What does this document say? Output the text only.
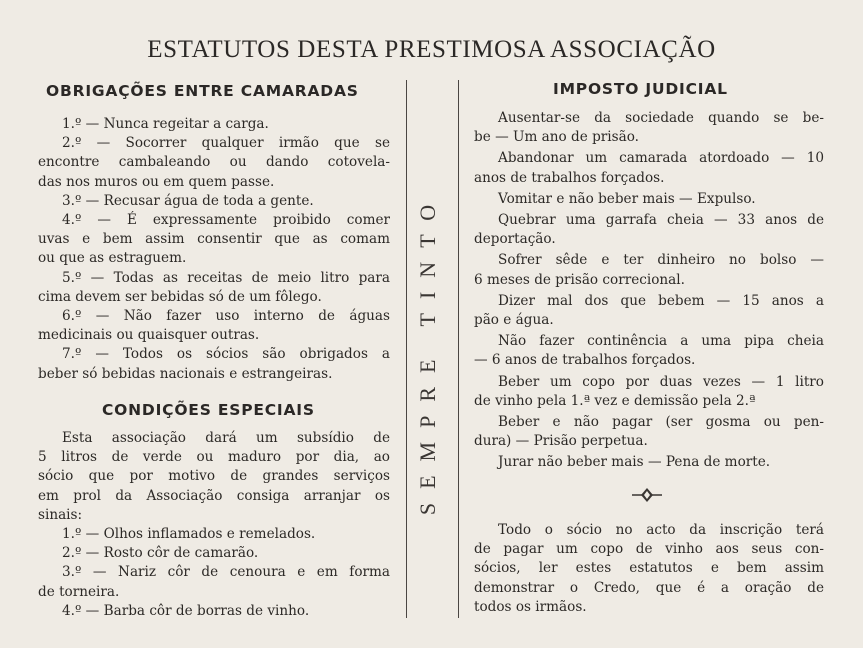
ESTATUTOS DESTA PRESTIMOSA ASSOCIAÇÃO
OBRIGAÇÕES ENTRE CAMARADAS

1.º — Nunca regeitar a carga.

2.º — Socorrer qualquer irmão que se

encontre cambaleando ou dando cotovela-

das nos muros ou em quem passe.

3.º — Recusar água de toda a gente.

4.º — É expressamente proibido comer

uvas e bem assim consentir que as comam

ou que as estraguem.

5.º — Todas as receitas de meio litro para

cima devem ser bebidas só de um fôlego.

6.º — Não fazer uso interno de águas

medicinais ou quaisquer outras.

7.º — Todos os sócios são obrigados a

beber só bebidas nacionais e estrangeiras.

CONDIÇÕES ESPECIAIS

Esta associação dará um subsídio de

5 litros de verde ou maduro por dia, ao

sócio que por motivo de grandes serviços

em prol da Associação consiga arranjar os

sinais:

1.º — Olhos inflamados e remelados.

2.º — Rosto côr de camarão.

3.º — Nariz côr de cenoura e em forma

de torneira.

4.º — Barba côr de borras de vinho.

SEMPRE TINTO
IMPOSTO JUDICIAL

Ausentar-se da sociedade quando se be-

be — Um ano de prisão.

Abandonar um camarada atordoado — 10

anos de trabalhos forçados.

Vomitar e não beber mais — Expulso.

Quebrar uma garrafa cheia — 33 anos de

deportação.

Sofrer sêde e ter dinheiro no bolso —

6 meses de prisão correcional.

Dizer mal dos que bebem — 15 anos a

pão e água.

Não fazer continência a uma pipa cheia

— 6 anos de trabalhos forçados.

Beber um copo por duas vezes — 1 litro

de vinho pela 1.ª vez e demissão pela 2.ª

Beber e não pagar (ser gosma ou pen-

dura) — Prisão perpetua.

Jurar não beber mais — Pena de morte.

Todo o sócio no acto da inscrição terá

de pagar um copo de vinho aos seus con-

sócios, ler estes estatutos e bem assim

demonstrar o Credo, que é a oração de

todos os irmãos.
